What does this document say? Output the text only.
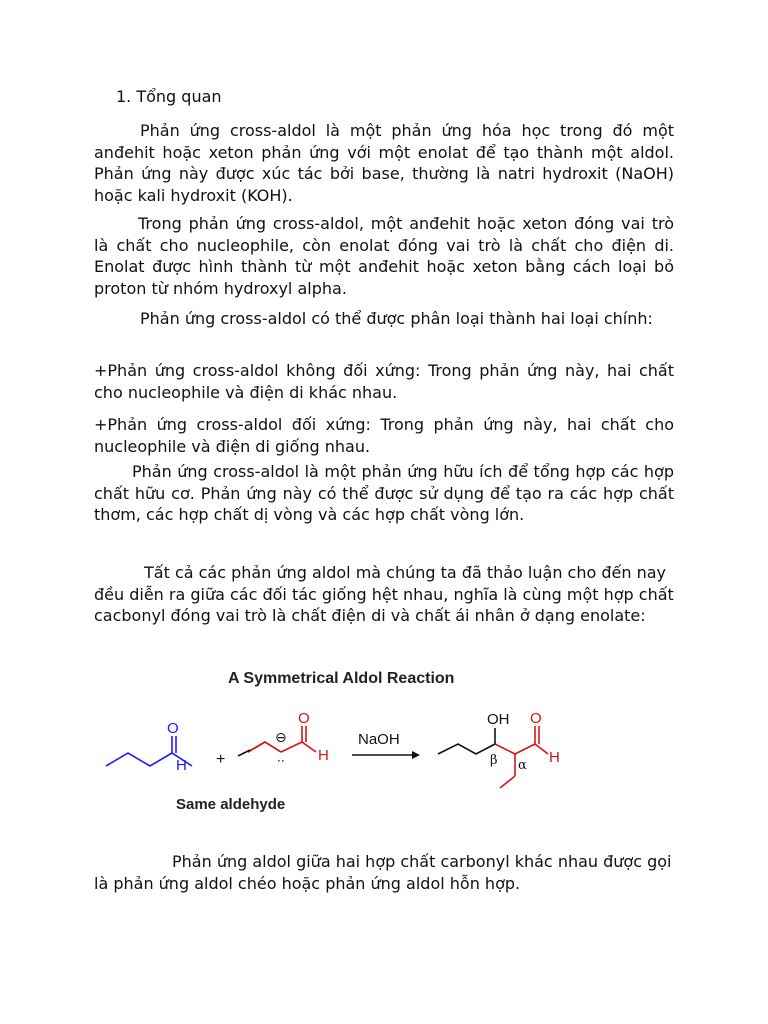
1. Tổng quan
Phản ứng cross-aldol là một phản ứng hóa học trong đó một anđehit hoặc xeton phản ứng với một enolat để tạo thành một aldol. Phản ứng này được xúc tác bởi base, thường là natri hydroxit (NaOH) hoặc kali hydroxit (KOH).
Trong phản ứng cross-aldol, một anđehit hoặc xeton đóng vai trò là chất cho nucleophile, còn enolat đóng vai trò là chất cho điện di. Enolat được hình thành từ một anđehit hoặc xeton bằng cách loại bỏ proton từ nhóm hydroxyl alpha.
Phản ứng cross-aldol có thể được phân loại thành hai loại chính:
+Phản ứng cross-aldol không đối xứng: Trong phản ứng này, hai chất cho nucleophile và điện di khác nhau.
+Phản ứng cross-aldol đối xứng: Trong phản ứng này, hai chất cho nucleophile và điện di giống nhau.
Phản ứng cross-aldol là một phản ứng hữu ích để tổng hợp các hợp chất hữu cơ. Phản ứng này có thể được sử dụng để tạo ra các hợp chất thơm, các hợp chất dị vòng và các hợp chất vòng lớn.
Tất cả các phản ứng aldol mà chúng ta đã thảo luận cho đến nay đều diễn ra giữa các đối tác giống hệt nhau, nghĩa là cùng một hợp chất cacbonyl đóng vai trò là chất điện di và chất ái nhân ở dạng enolate:
A Symmetrical Aldol Reaction
O
H +
⊖
··
O
H
NaOH
OH O
H
β α
Same aldehyde
Phản ứng aldol giữa hai hợp chất carbonyl khác nhau được gọi là phản ứng aldol chéo hoặc phản ứng aldol hỗn hợp.
